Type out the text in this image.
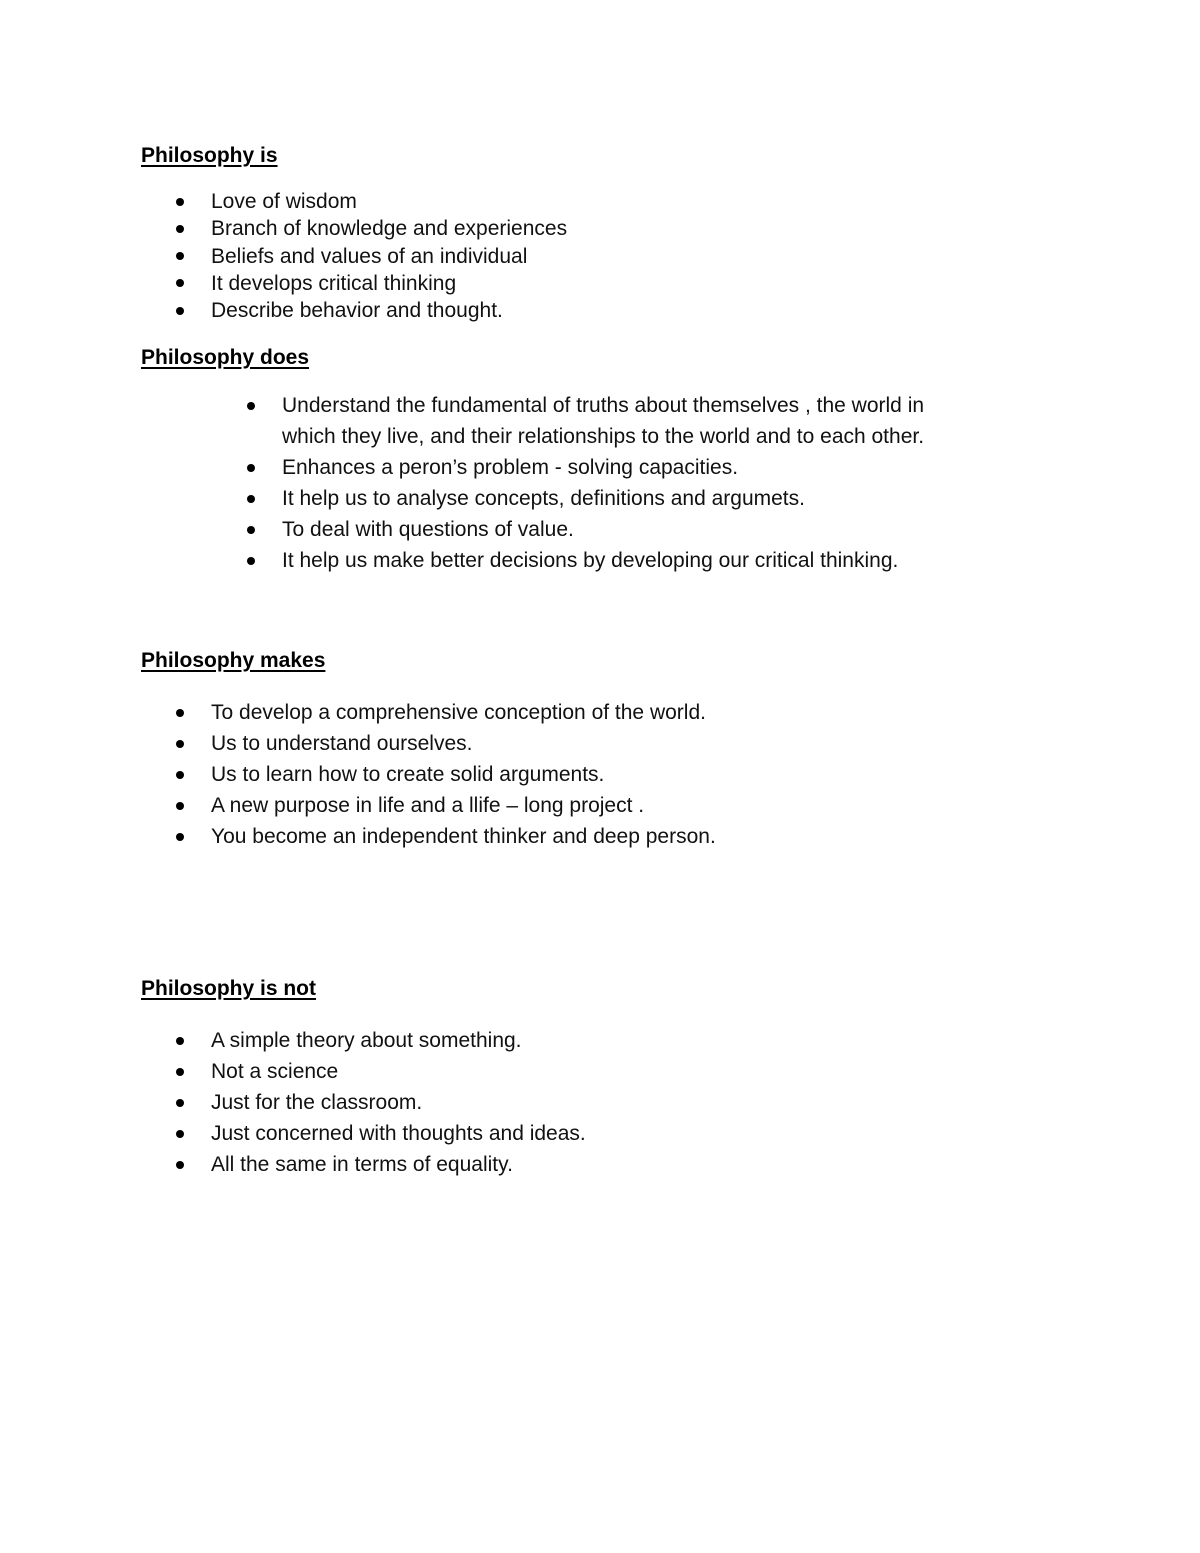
Philosophy is
Love of wisdom
Branch of knowledge and experiences
Beliefs and values of an individual
It develops critical thinking
Describe behavior and thought.
Philosophy does
Understand the fundamental of truths about themselves , the world in
which they live, and their relationships to the world and to each other.
Enhances a peron’s problem - solving capacities.
It help us to analyse concepts, definitions and argumets.
To deal with questions of value.
It help us make better decisions by developing our critical thinking.
Philosophy makes
To develop a comprehensive conception of the world.
Us to understand ourselves.
Us to learn how to create solid arguments.
A new purpose in life and a llife – long project .
You become an independent thinker and deep person.
Philosophy is not
A simple theory about something.
Not a science
Just for the classroom.
Just concerned with thoughts and ideas.
All the same in terms of equality.
